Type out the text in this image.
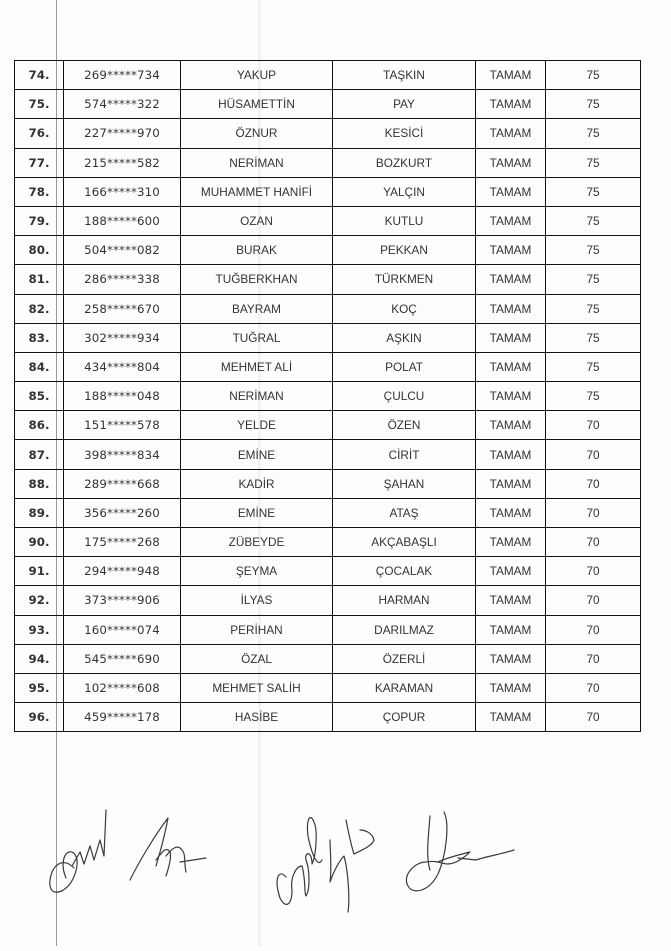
74.	269*****734	YAKUP	TAŞKIN	TAMAM	75
75.	574*****322	HÜSAMETTİN	PAY	TAMAM	75
76.	227*****970	ÖZNUR	KESİCİ	TAMAM	75
77.	215*****582	NERİMAN	BOZKURT	TAMAM	75
78.	166*****310	MUHAMMET HANİFİ	YALÇIN	TAMAM	75
79.	188*****600	OZAN	KUTLU	TAMAM	75
80.	504*****082	BURAK	PEKKAN	TAMAM	75
81.	286*****338	TUĞBERKHAN	TÜRKMEN	TAMAM	75
82.	258*****670	BAYRAM	KOÇ	TAMAM	75
83.	302*****934	TUĞRAL	AŞKIN	TAMAM	75
84.	434*****804	MEHMET ALİ	POLAT	TAMAM	75
85.	188*****048	NERİMAN	ÇULCU	TAMAM	75
86.	151*****578	YELDE	ÖZEN	TAMAM	70
87.	398*****834	EMİNE	CİRİT	TAMAM	70
88.	289*****668	KADİR	ŞAHAN	TAMAM	70
89.	356*****260	EMİNE	ATAŞ	TAMAM	70
90.	175*****268	ZÜBEYDE	AKÇABAŞLI	TAMAM	70
91.	294*****948	ŞEYMA	ÇOCALAK	TAMAM	70
92.	373*****906	İLYAS	HARMAN	TAMAM	70
93.	160*****074	PERİHAN	DARILMAZ	TAMAM	70
94.	545*****690	ÖZAL	ÖZERLİ	TAMAM	70
95.	102*****608	MEHMET SALİH	KARAMAN	TAMAM	70
96.	459*****178	HASİBE	ÇOPUR	TAMAM	70
